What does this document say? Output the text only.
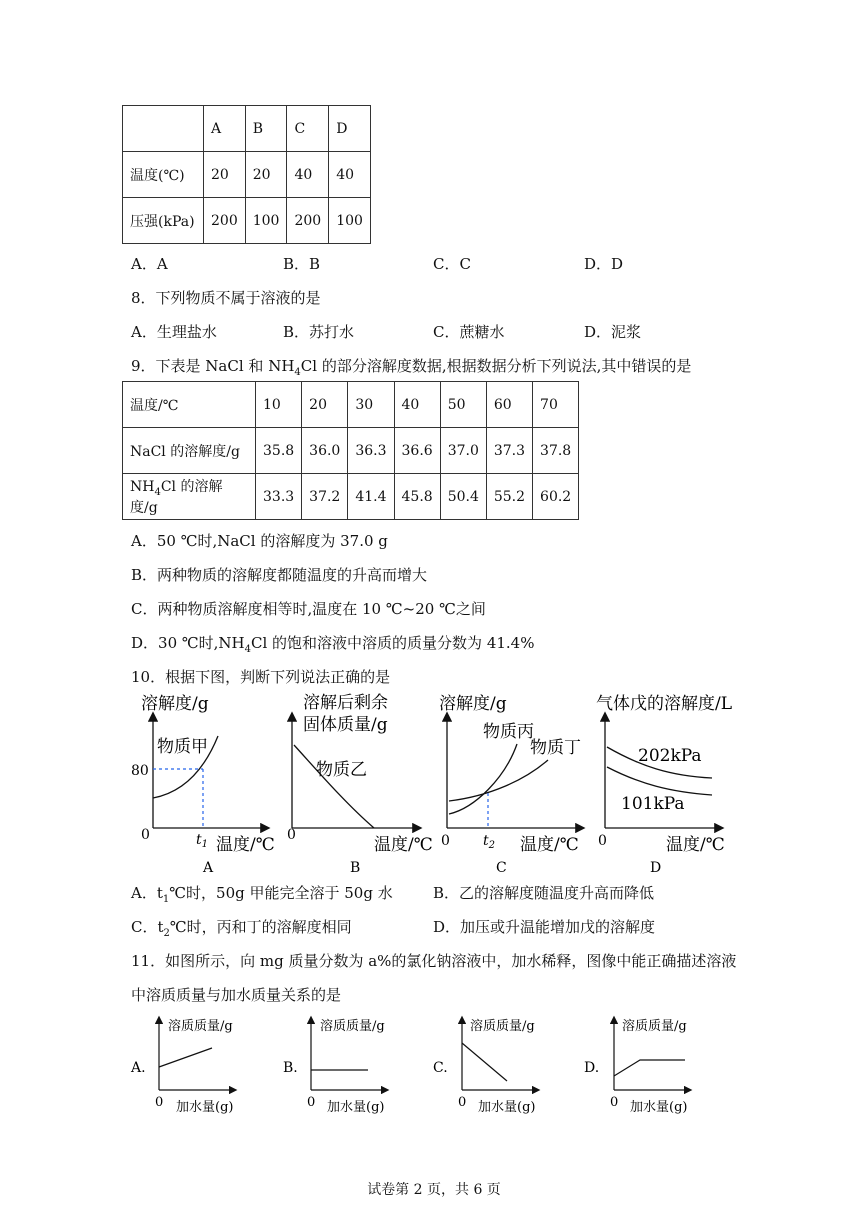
	A	B	C	D
温度(℃)	20	20	40	40
压强(kPa)	200	100	200	100
A．A	B．B	C．C	D．D
8．下列物质不属于溶液的是
A．生理盐水	B．苏打水	C．蔗糖水	D．泥浆
9．下表是 NaCl 和 $NH_4Cl$ 的部分溶解度数据,根据数据分析下列说法,其中错误的是
温度/℃	10	20	30	40	50	60	70
NaCl 的溶解度/g	35.8	36.0	36.3	36.6	37.0	37.3	37.8
$NH_4Cl$ 的溶解度/g	33.3	37.2	41.4	45.8	50.4	55.2	60.2
A．50 ℃时,NaCl 的溶解度为 37.0 g
B．两种物质的溶解度都随温度的升高而增大
C．两种物质溶解度相等时,温度在 10 ℃~20 ℃之间
D．30 ℃时$,NH_4Cl$ 的饱和溶液中溶质的质量分数为 41.4%
10．根据下图，判断下列说法正确的是
溶解度/g
物质甲
80
0	$t_1$ 温度/℃
A
溶解后剩余
固体质量/g
物质乙
0	温度/℃
B
溶解度/g
物质丙
物质丁
0 $t_2$ 温度/℃
C
气体戊的溶解度/L
202kPa
101kPa
0	温度/℃
D
A．$t_1℃$时，50g 甲能完全溶于 50g 水	B．乙的溶解度随温度升高而降低
C．$t_2℃$时，丙和丁的溶解度相同	D．加压或升温能增加戊的溶解度
11．如图所示，向 mg 质量分数为 a%的氯化钠溶液中，加水稀释，图像中能正确描述溶液
中溶质质量与加水质量关系的是
A.
溶质质量/g
0 加水量(g)
B.
溶质质量/g
0 加水量(g)
C.
溶质质量/g
0 加水量(g)
D.
溶质质量/g
0 加水量(g)
试卷第 2 页，共 6 页
